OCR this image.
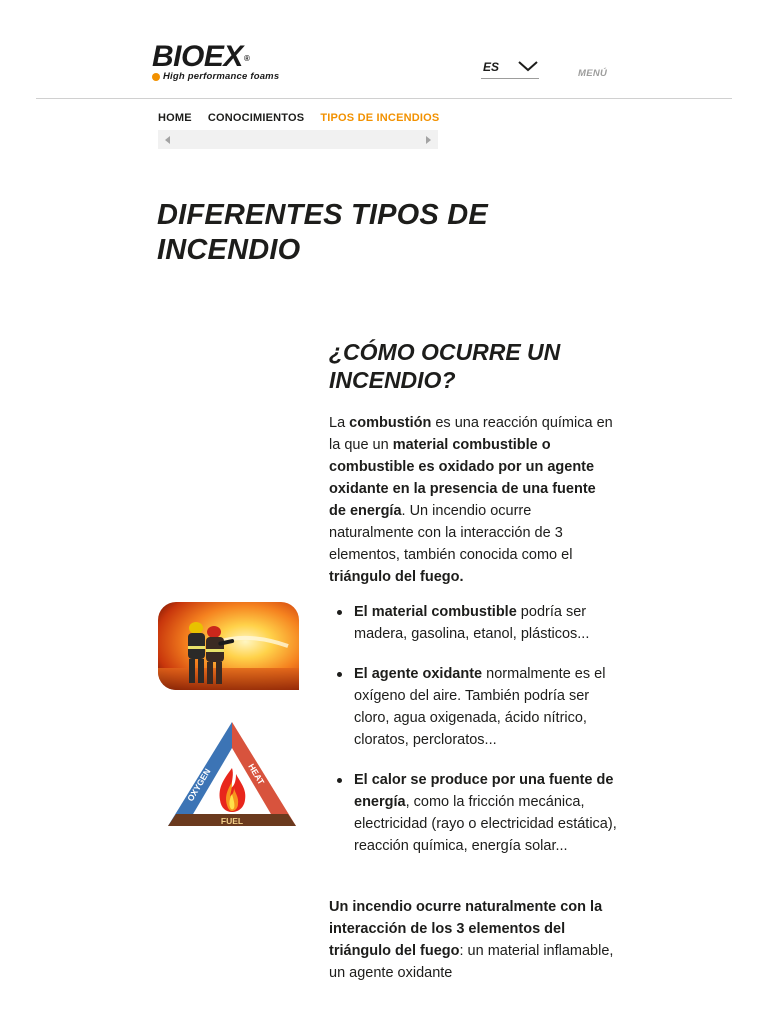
BIOEX®
High performance foams
ES	MENÚ
HOME CONOCIMIENTOS TIPOS DE INCENDIOS
DIFERENTES TIPOS DE INCENDIO
¿CÓMO OCURRE UN INCENDIO?

La combustión es una reacción química en la que un material combustible o combustible es oxidado por un agente oxidante en la presencia de una fuente de energía. Un incendio ocurre naturalmente con la interacción de 3 elementos, también conocida como el triángulo del fuego.

El material combustible podría ser madera, gasolina, etanol, plásticos...
El agente oxidante normalmente es el oxígeno del aire. También podría ser cloro, agua oxigenada, ácido nítrico, cloratos, percloratos...
El calor se produce por una fuente de energía, como la fricción mecánica, electricidad (rayo o electricidad estática), reacción química, energía solar...

Un incendio ocurre naturalmente con la interacción de los 3 elementos del triángulo del fuego: un material inflamable, un agente oxidante

FUEL
OXYGEN	HEAT
